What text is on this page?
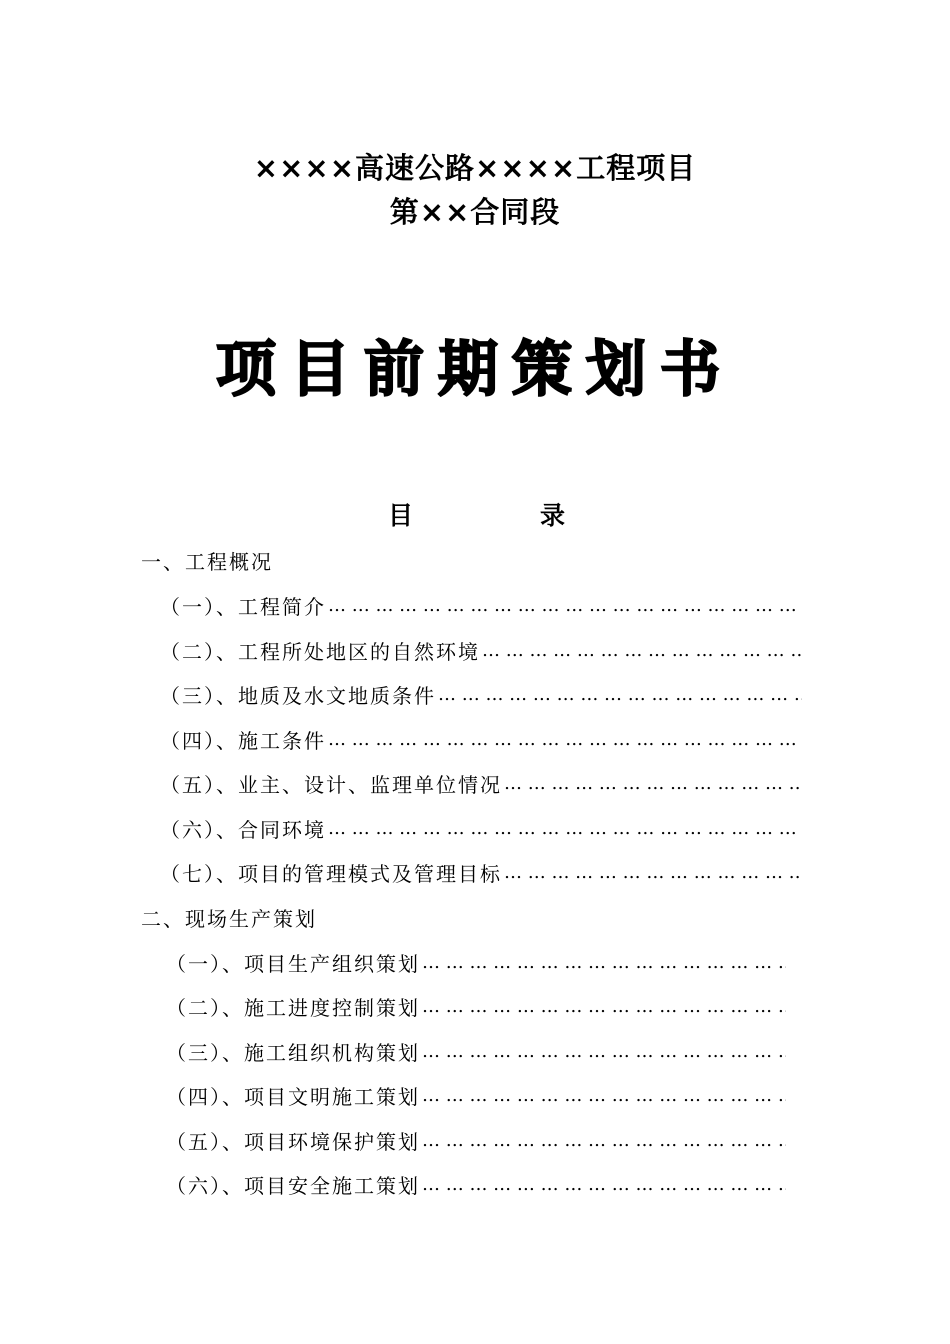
××××高速公路××××工程项目
第××合同段
项目前期策划书
目	录
一、工程概况
（一）、工程简介
… … … … … … … … … … … … … … … … … … … … … … … … … … … … … … … … … … … … … … … … …
（二）、工程所处地区的自然环境
… … … … … … … … … … … … … … … … … … … … … … … … … … … … … … … … … … … … … … … … …
（三）、地质及水文地质条件
… … … … … … … … … … … … … … … … … … … … … … … … … … … … … … … … … … … … … … … … …
（四）、施工条件
… … … … … … … … … … … … … … … … … … … … … … … … … … … … … … … … … … … … … … … … …
（五）、业主、设计、监理单位情况
… … … … … … … … … … … … … … … … … … … … … … … … … … … … … … … … … … … … … … … … …
（六）、合同环境
… … … … … … … … … … … … … … … … … … … … … … … … … … … … … … … … … … … … … … … … …
（七）、项目的管理模式及管理目标
… … … … … … … … … … … … … … … … … … … … … … … … … … … … … … … … … … … … … … … … …
二、现场生产策划
（一）、项目生产组织策划
… … … … … … … … … … … … … … … … … … … … … … … … … … … … … … … … … … … … … … … … …
（二）、施工进度控制策划
… … … … … … … … … … … … … … … … … … … … … … … … … … … … … … … … … … … … … … … … …
（三）、施工组织机构策划
… … … … … … … … … … … … … … … … … … … … … … … … … … … … … … … … … … … … … … … … …
（四）、项目文明施工策划
… … … … … … … … … … … … … … … … … … … … … … … … … … … … … … … … … … … … … … … … …
（五）、项目环境保护策划
… … … … … … … … … … … … … … … … … … … … … … … … … … … … … … … … … … … … … … … … …
（六）、项目安全施工策划
… … … … … … … … … … … … … … … … … … … … … … … … … … … … … … … … … … … … … … … … …
